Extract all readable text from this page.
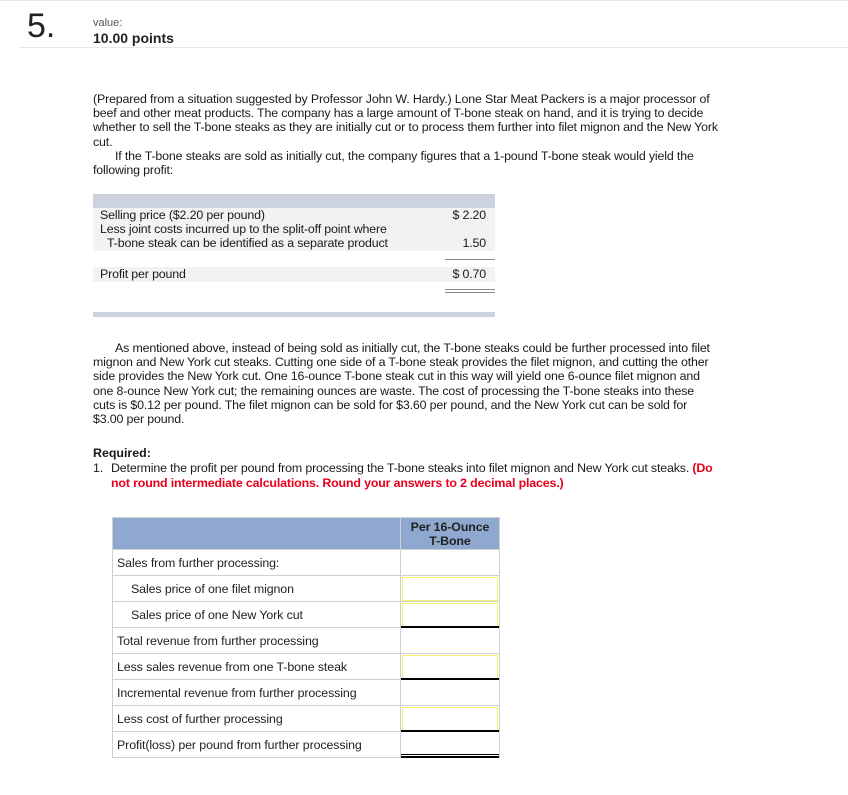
5.	value:
10.00 points

(Prepared from a situation suggested by Professor John W. Hardy.) Lone Star Meat Packers is a major processor of beef and other meat products. The company has a large amount of T-bone steak on hand, and it is trying to decide whether to sell the T-bone steaks as they are initially cut or to process them further into filet mignon and the New York cut.

If the T-bone steaks are sold as initially cut, the company figures that a 1-pound T-bone steak would yield the following profit:

Selling price ($2.20 per pound)	$ 2.20
Less joint costs incurred up to the split-off point where
T-bone steak can be identified as a separate product	1.50
Profit per pound	$ 0.70
As mentioned above, instead of being sold as initially cut, the T-bone steaks could be further processed into filet mignon and New York cut steaks. Cutting one side of a T-bone steak provides the filet mignon, and cutting the other side provides the New York cut. One 16-ounce T-bone steak cut in this way will yield one 6-ounce filet mignon and one 8-ounce New York cut; the remaining ounces are waste. The cost of processing the T-bone steaks into these cuts is $0.12 per pound. The filet mignon can be sold for $3.60 per pound, and the New York cut can be sold for $3.00 per pound.
Required:
1. Determine the profit per pound from processing the T-bone steaks into filet mignon and New York cut steaks. (Do not round intermediate calculations. Round your answers to 2 decimal places.)

	Per 16-Ounce
T-Bone

Sales from further processing:	
Sales price of one filet mignon	

Sales price of one New York cut	

Total revenue from further processing	
Less sales revenue from one T-bone steak	

Incremental revenue from further processing	
Less cost of further processing	

Profit(loss) per pound from further processing	
